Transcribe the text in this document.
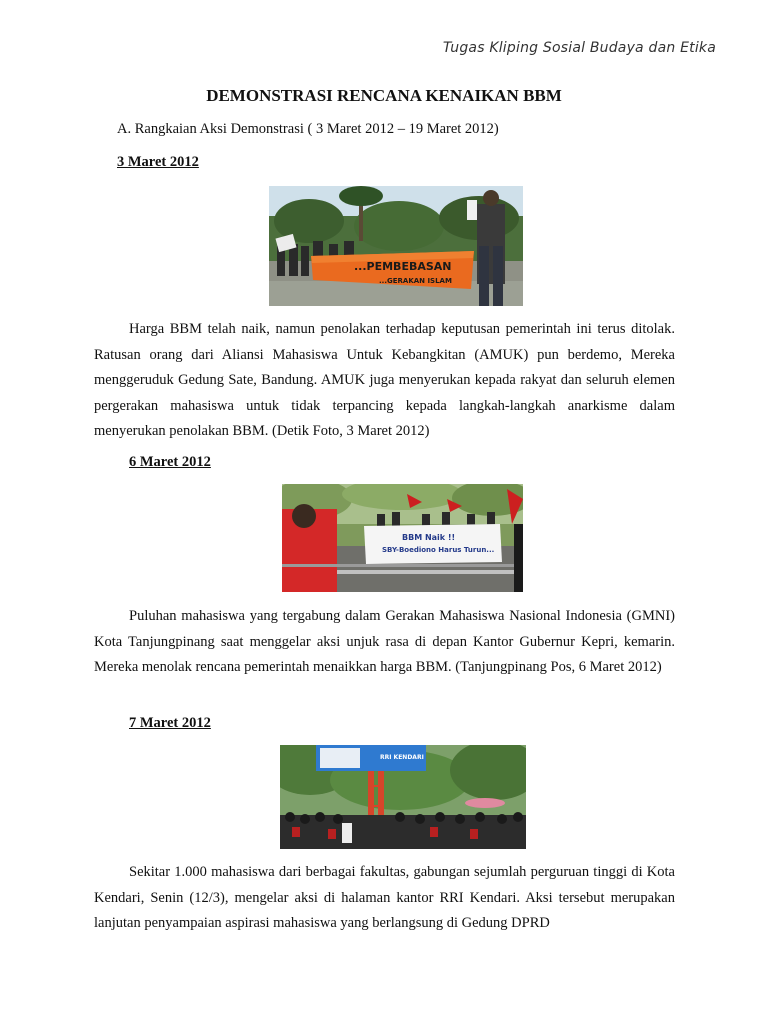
Tugas Kliping Sosial Budaya dan Etika
DEMONSTRASI RENCANA KENAIKAN BBM
A. Rangkaian Aksi Demonstrasi ( 3 Maret 2012 – 19 Maret 2012)
3 Maret 2012
...PEMBEBASAN
...GERAKAN ISLAM

Harga BBM telah naik, namun penolakan terhadap keputusan pemerintah ini terus ditolak. Ratusan orang dari Aliansi Mahasiswa Untuk Kebangkitan (AMUK) pun berdemo, Mereka menggeruduk Gedung Sate, Bandung. AMUK juga menyerukan kepada rakyat dan seluruh elemen pergerakan mahasiswa untuk tidak terpancing kepada langkah-langkah anarkisme dalam menyerukan penolakan BBM. (Detik Foto, 3 Maret 2012)

6 Maret 2012
BBM Naik !!
SBY-Boediono Harus Turun...

Puluhan mahasiswa yang tergabung dalam Gerakan Mahasiswa Nasional Indonesia (GMNI) Kota Tanjungpinang saat menggelar aksi unjuk rasa di depan Kantor Gubernur Kepri, kemarin. Mereka menolak rencana pemerintah menaikkan harga BBM. (Tanjungpinang Pos, 6 Maret 2012)

7 Maret 2012
RRI KENDARI

Sekitar 1.000 mahasiswa dari berbagai fakultas, gabungan sejumlah perguruan tinggi di Kota Kendari, Senin (12/3), mengelar aksi di halaman kantor RRI Kendari. Aksi tersebut merupakan lanjutan penyampaian aspirasi mahasiswa yang berlangsung di Gedung DPRD
